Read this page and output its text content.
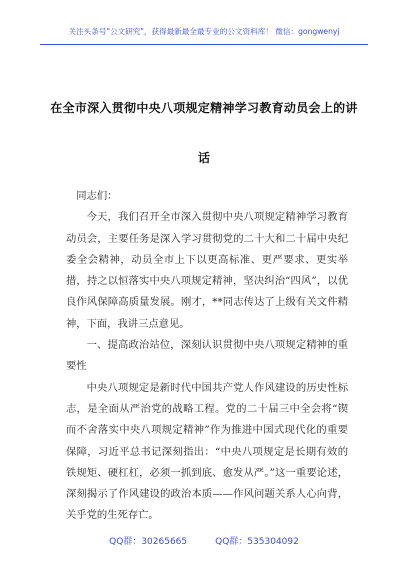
关注头条号"公文研究"，获得最新最全最专业的公文资料库！ 微信：gongwenyj
在全市深入贯彻中央八项规定精神学习教育动员会上的讲
话

同志们：

今天，我们召开全市深入贯彻中央八项规定精神学习教育动员会，主要任务是深入学习贯彻党的二十大和二十届中央纪委全会精神，动员全市上下以更高标准、更严要求、更实举措，持之以恒落实中央八项规定精神，坚决纠治“四风”，以优良作风保障高质量发展。刚才，**同志传达了上级有关文件精神，下面，我讲三点意见。

一、提高政治站位，深刻认识贯彻中央八项规定精神的重要性

中央八项规定是新时代中国共产党人作风建设的历史性标志，是全面从严治党的战略工程。党的二十届三中全会将“锲而不舍落实中央八项规定精神”作为推进中国式现代化的重要保障，习近平总书记深刻指出：“中央八项规定是长期有效的铁规矩、硬杠杠，必须一抓到底、愈发从严。”这一重要论述，深刻揭示了作风建设的政治本质——作风问题关系人心向背，关乎党的生死存亡。

QQ群：30265665	QQ群：535304092
